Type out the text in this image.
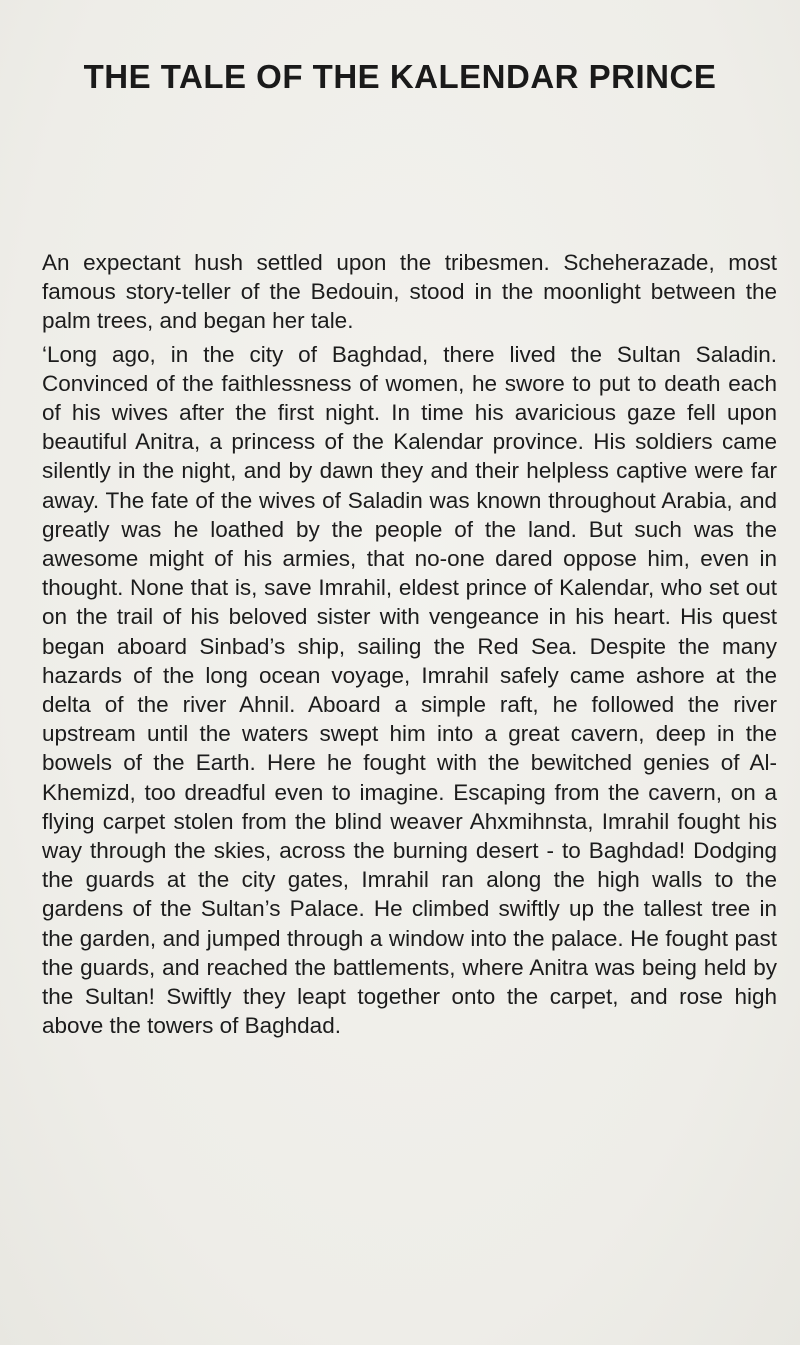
THE TALE OF THE KALENDAR PRINCE

An expectant hush settled upon the tribesmen. Scheherazade, most famous story-teller of the Bedouin, stood in the moonlight between the palm trees, and began her tale.

‘Long ago, in the city of Baghdad, there lived the Sultan Saladin. Convinced of the faithlessness of women, he swore to put to death each of his wives after the first night. In time his avaricious gaze fell upon beautiful Anitra, a princess of the Kalendar province. His soldiers came silently in the night, and by dawn they and their helpless captive were far away. The fate of the wives of Saladin was known throughout Arabia, and greatly was he loathed by the people of the land. But such was the awesome might of his armies, that no-one dared oppose him, even in thought. None that is, save Imrahil, eldest prince of Kalendar, who set out on the trail of his beloved sister with vengeance in his heart. His quest began aboard Sinbad’s ship, sailing the Red Sea. Despite the many hazards of the long ocean voyage, Imrahil safely came ashore at the delta of the river Ahnil. Aboard a simple raft, he followed the river upstream until the waters swept him into a great cavern, deep in the bowels of the Earth. Here he fought with the bewitched genies of Al-Khemizd, too dreadful even to imagine. Escaping from the cavern, on a flying carpet stolen from the blind weaver Ahxmihnsta, Imrahil fought his way through the skies, across the burning desert - to Baghdad! Dodging the guards at the city gates, Imrahil ran along the high walls to the gardens of the Sultan’s Palace. He climbed swiftly up the tallest tree in the garden, and jumped through a window into the palace. He fought past the guards, and reached the battlements, where Anitra was being held by the Sultan! Swiftly they leapt together onto the carpet, and rose high above the towers of Baghdad.
